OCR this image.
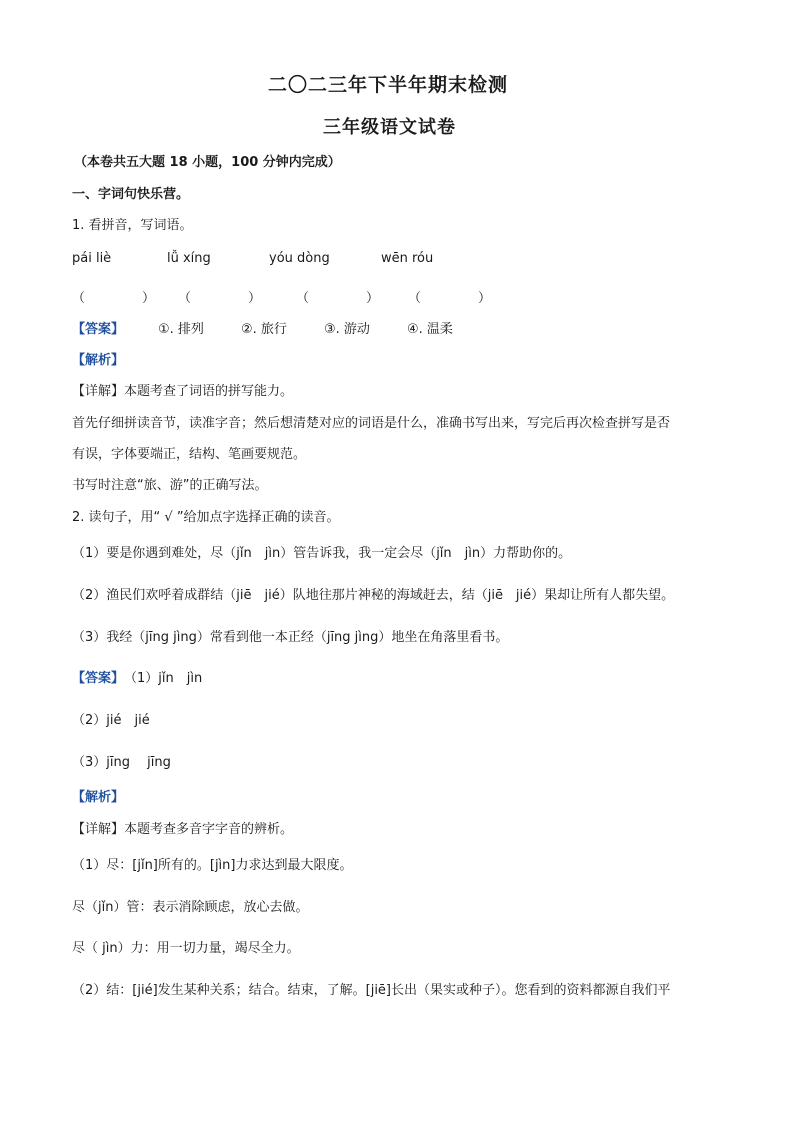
二〇二三年下半年期末检测
三年级语文试卷
（本卷共五大题 18 小题，100 分钟内完成）
一、字词句快乐营。
1. 看拼音，写词语。
pái liè	lǚ xíng	yóu dòng	wēn róu
（	） （	）	（	） （	）
【答案】	①. 排列	②. 旅行	③. 游动	④. 温柔
【解析】
【详解】本题考查了词语的拼写能力。
首先仔细拼读音节，读准字音；然后想清楚对应的词语是什么，准确书写出来，写完后再次检查拼写是否
有误，字体要端正，结构、笔画要规范。
书写时注意“旅、游”的正确写法。
2. 读句子，用“ √ ”给加点字选择正确的读音。
（1）要是你遇到难处，尽（jǐn　jìn）管告诉我，我一定会尽（jǐn　jìn）力帮助你的。
（2）渔民们欢呼着成群结（jiē　jié）队地往那片神秘的海域赶去，结（jiē　jié）果却让所有人都失望。
（3）我经（jīng jìng）常看到他一本正经（jīng jìng）地坐在角落里看书。
【答案】 （1）jǐn　jìn
（2）jié　jié
（3）jīng　 jīng
【解析】
【详解】本题考查多音字字音的辨析。
（1）尽：[jǐn]所有的。[jìn]力求达到最大限度。
尽（jǐn）管：表示消除顾虑，放心去做。
尽（ jìn）力：用一切力量，竭尽全力。
（2）结：[jié]发生某种关系；结合。结束，了解。[jiē]长出（果实或种子）。您看到的资料都源自我们平
